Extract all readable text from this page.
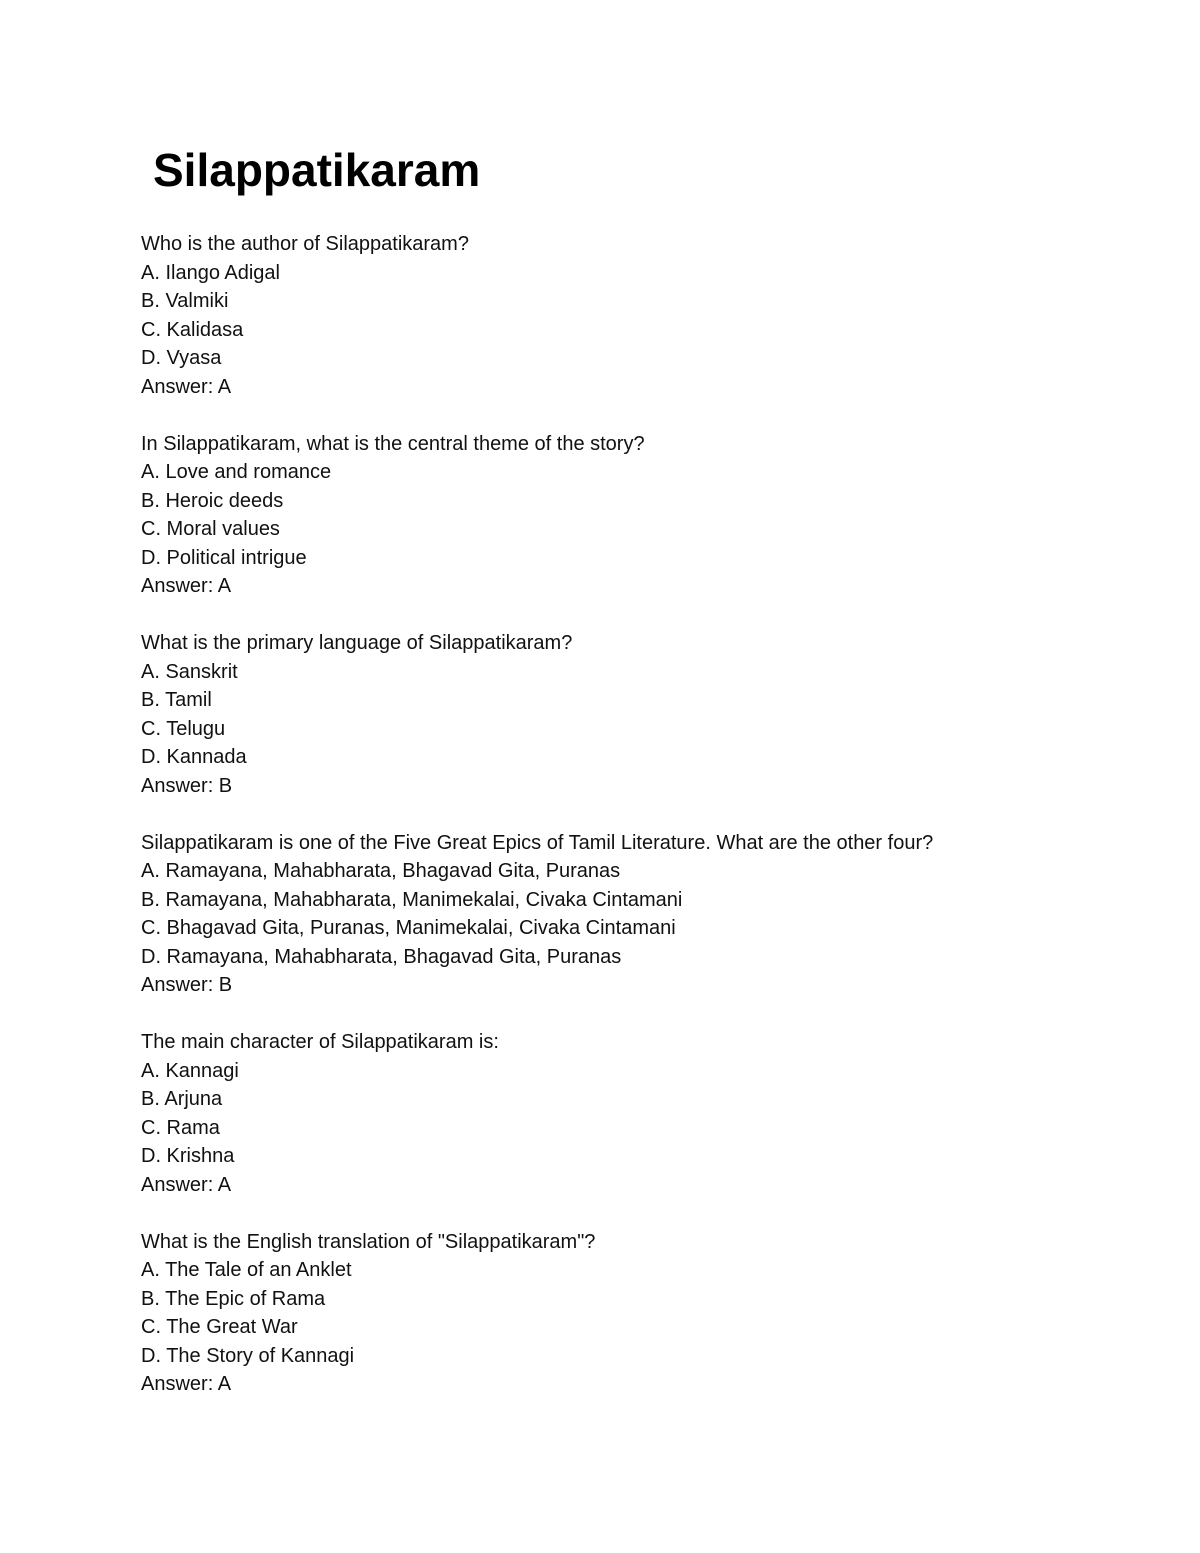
Silappatikaram
Who is the author of Silappatikaram?
A. Ilango Adigal
B. Valmiki
C. Kalidasa
D. Vyasa
Answer: A
In Silappatikaram, what is the central theme of the story?
A. Love and romance
B. Heroic deeds
C. Moral values
D. Political intrigue
Answer: A
What is the primary language of Silappatikaram?
A. Sanskrit
B. Tamil
C. Telugu
D. Kannada
Answer: B
Silappatikaram is one of the Five Great Epics of Tamil Literature. What are the other four?
A. Ramayana, Mahabharata, Bhagavad Gita, Puranas
B. Ramayana, Mahabharata, Manimekalai, Civaka Cintamani
C. Bhagavad Gita, Puranas, Manimekalai, Civaka Cintamani
D. Ramayana, Mahabharata, Bhagavad Gita, Puranas
Answer: B
The main character of Silappatikaram is:
A. Kannagi
B. Arjuna
C. Rama
D. Krishna
Answer: A
What is the English translation of "Silappatikaram"?
A. The Tale of an Anklet
B. The Epic of Rama
C. The Great War
D. The Story of Kannagi
Answer: A
